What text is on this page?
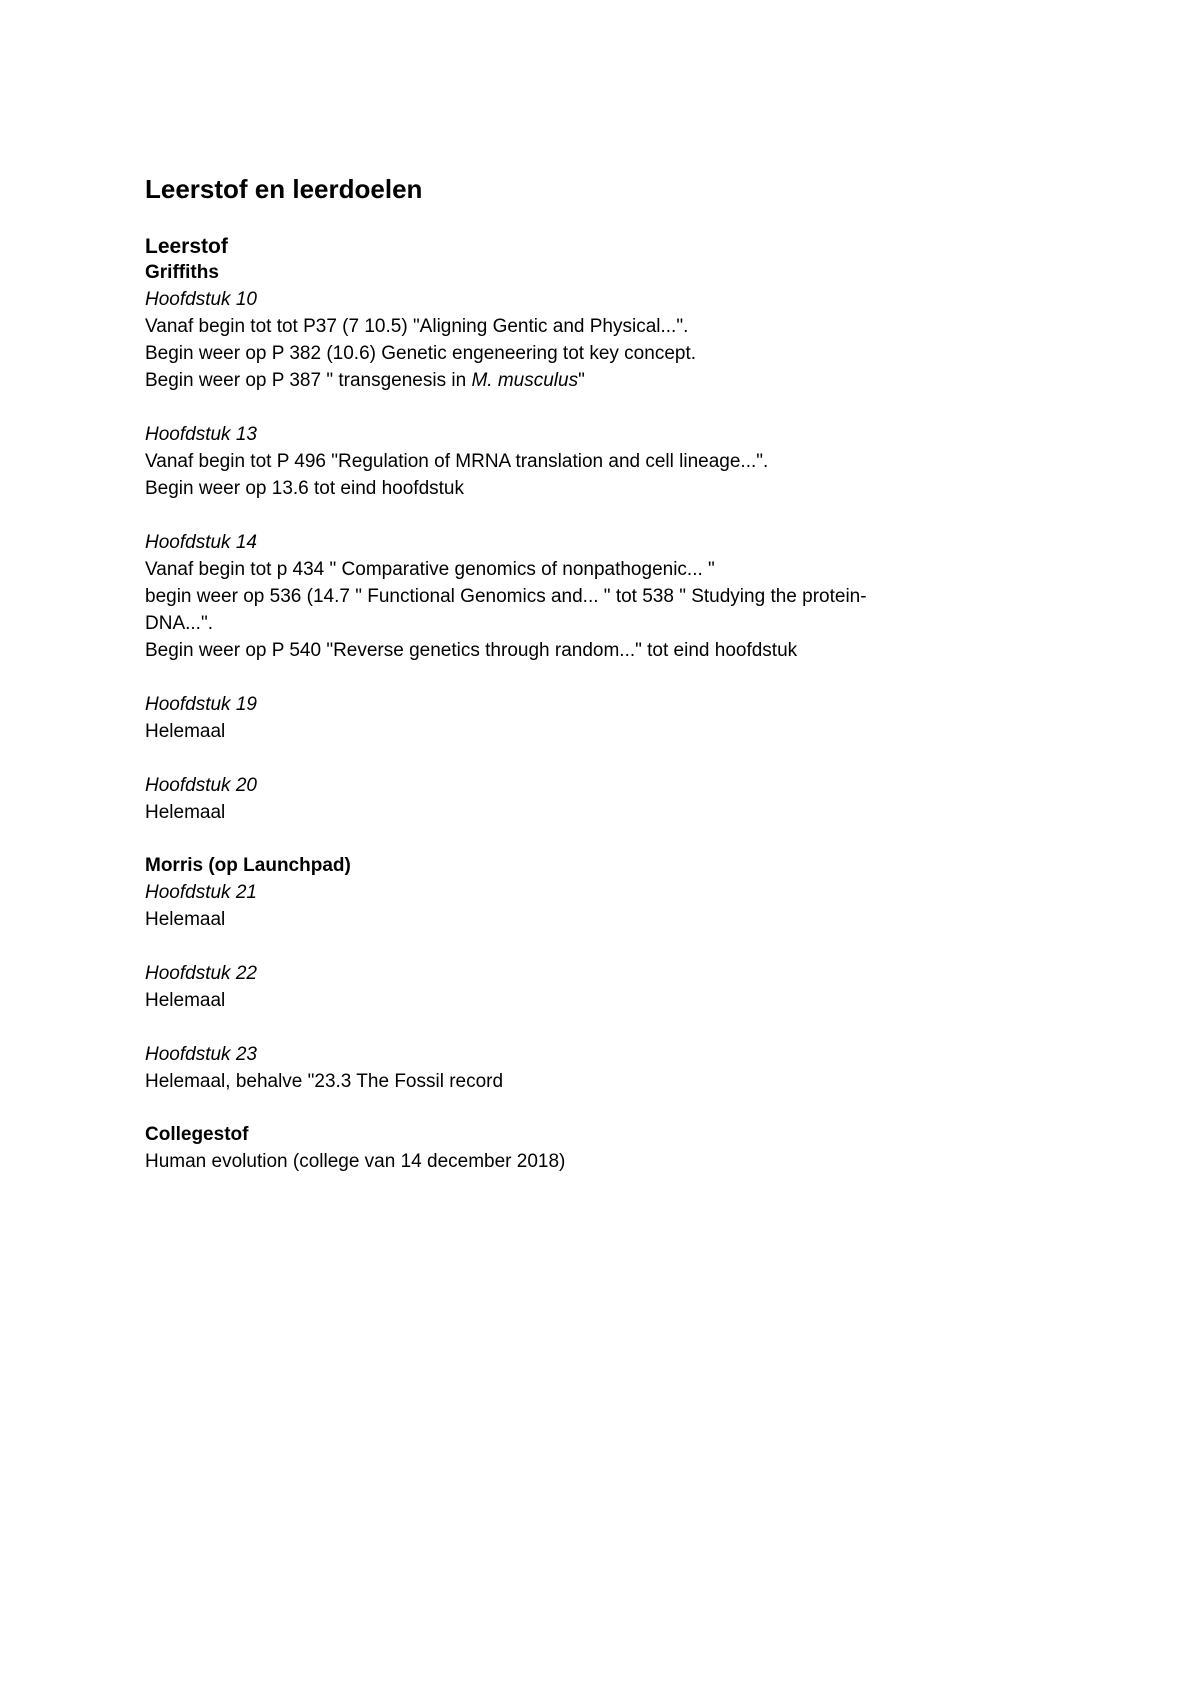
Leerstof en leerdoelen
Leerstof
Griffiths
Hoofdstuk 10
Vanaf begin tot tot P37 (7 10.5) "Aligning Gentic and Physical...".
Begin weer op P 382 (10.6) Genetic engeneering tot key concept.
Begin weer op P 387 " transgenesis in M. musculus"
Hoofdstuk 13
Vanaf begin tot P 496 "Regulation of MRNA translation and cell lineage...".
Begin weer op 13.6 tot eind hoofdstuk
Hoofdstuk 14
Vanaf begin tot p 434 " Comparative genomics of nonpathogenic... "
begin weer op 536 (14.7 " Functional Genomics and... " tot 538 " Studying the protein-
DNA...".
Begin weer op P 540 "Reverse genetics through random..." tot eind hoofdstuk
Hoofdstuk 19
Helemaal
Hoofdstuk 20
Helemaal
Morris (op Launchpad)
Hoofdstuk 21
Helemaal
Hoofdstuk 22
Helemaal
Hoofdstuk 23
Helemaal, behalve "23.3 The Fossil record
Collegestof
Human evolution (college van 14 december 2018)
